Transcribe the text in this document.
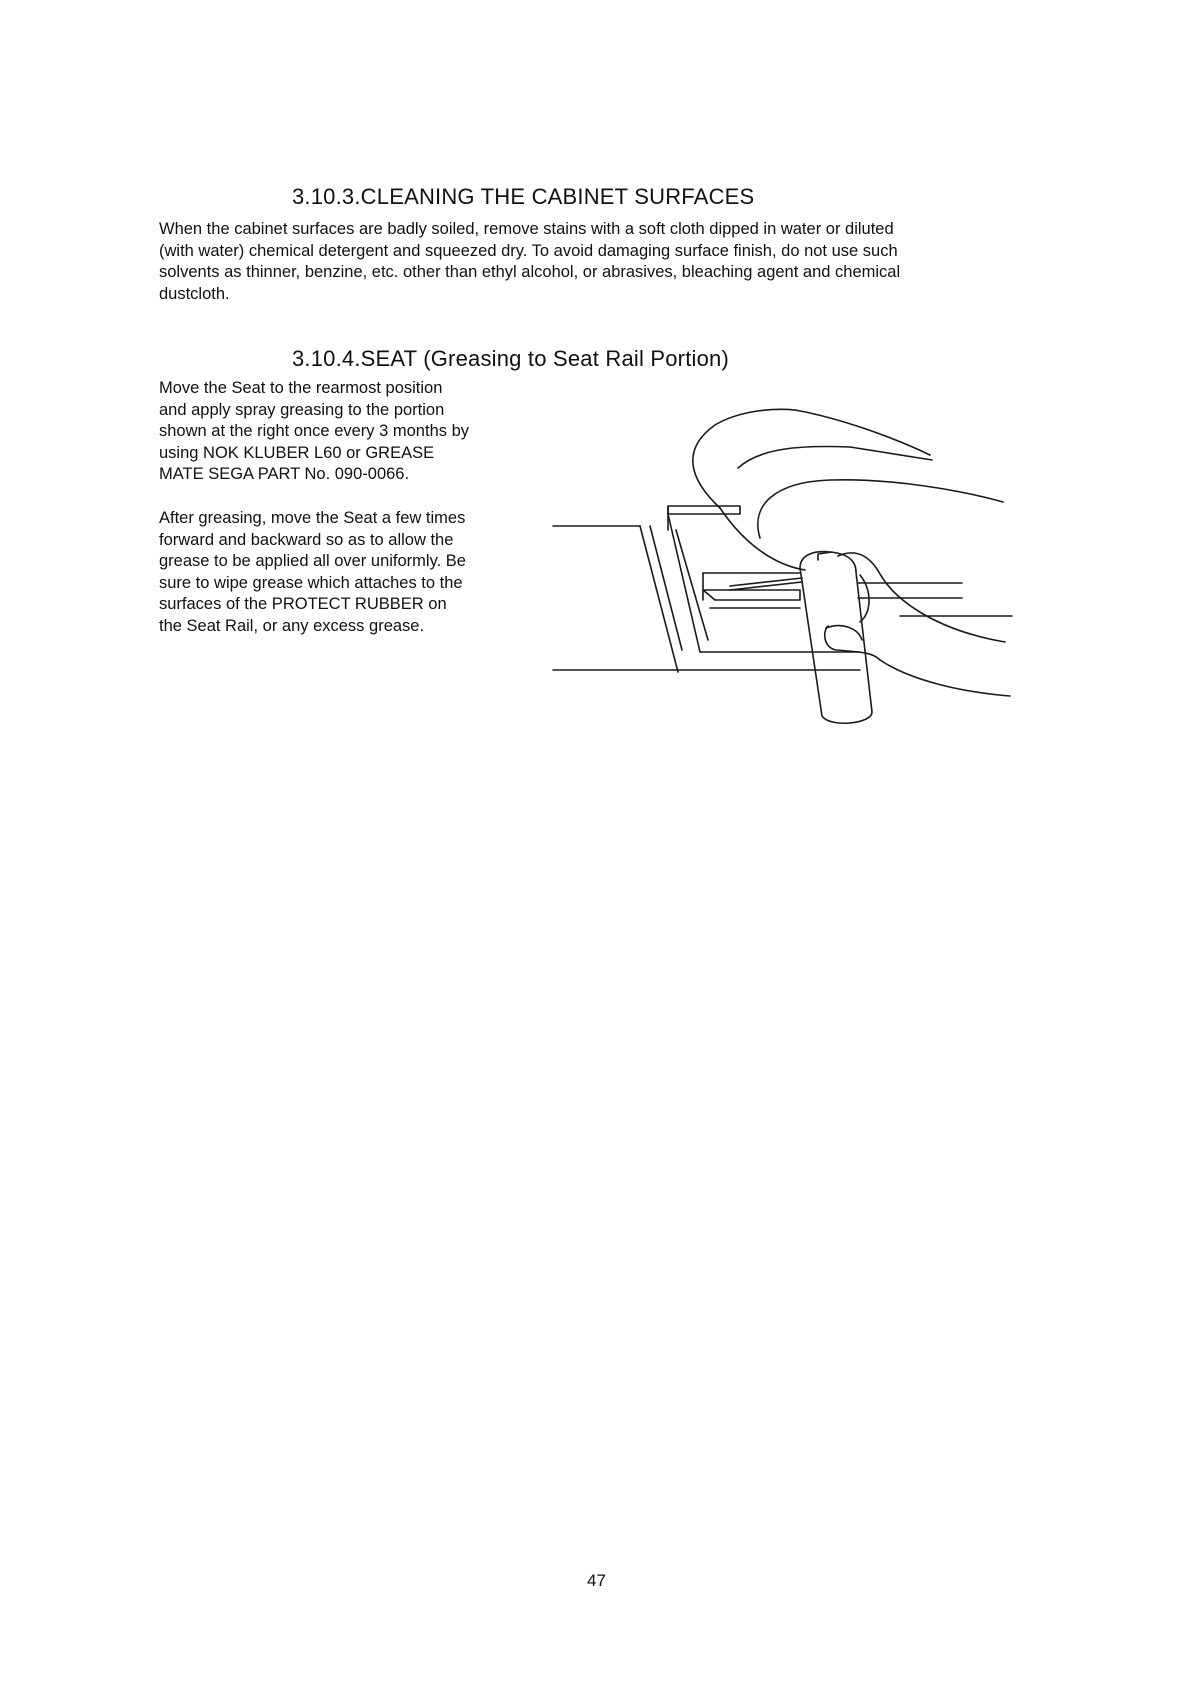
3.10.3.CLEANING THE CABINET SURFACES

When the cabinet surfaces are badly soiled, remove stains with a soft cloth dipped in water or diluted
(with water) chemical detergent and squeezed dry. To avoid damaging surface finish, do not use such
solvents as thinner, benzine, etc. other than ethyl alcohol, or abrasives, bleaching agent and chemical
dustcloth.

3.10.4.SEAT (Greasing to Seat Rail Portion)

Move the Seat to the rearmost position
and apply spray greasing to the portion
shown at the right once every 3 months by
using NOK KLUBER L60 or GREASE
MATE SEGA PART No. 090-0066.

After greasing, move the Seat a few times
forward and backward so as to allow the
grease to be applied all over uniformly. Be
sure to wipe grease which attaches to the
surfaces of the PROTECT RUBBER on
the Seat Rail, or any excess grease.

47
